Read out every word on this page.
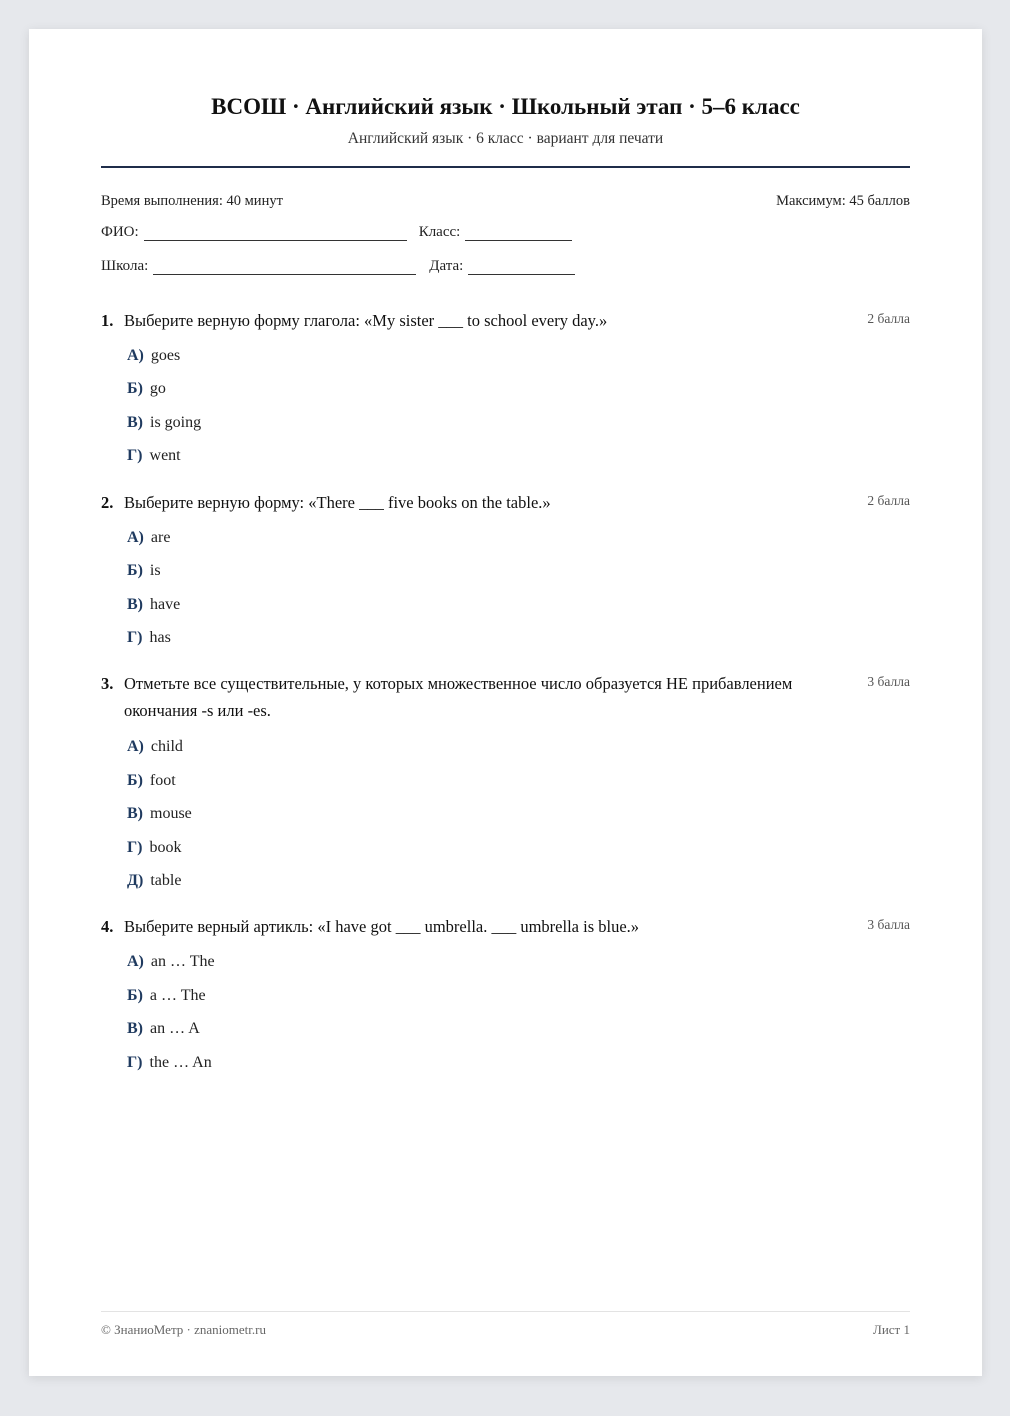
ВСОШ · Английский язык · Школьный этап · 5–6 класс
Английский язык · 6 класс · вариант для печати
Время выполнения: 40 минут	Максимум: 45 баллов
ФИО:	Класс:
Школа:	Дата:
1. Выберите верную форму глагола: «My sister ___ to school every day.»	2 балла
А) goes
Б) go
В) is going
Г) went
2. Выберите верную форму: «There ___ five books on the table.»	2 балла
А) are
Б) is
В) have
Г) has
3. Отметьте все существительные, у которых множественное число образуется НЕ прибавлением окончания -s или -es.
3 балла
А) child
Б) foot
В) mouse
Г) book
Д) table
4. Выберите верный артикль: «I have got ___ umbrella. ___ umbrella is blue.»	3 балла
А) an … The
Б) a … The
В) an … A
Г) the … An
© ЗнаниоМетр · znaniometr.ru	Лист 1
